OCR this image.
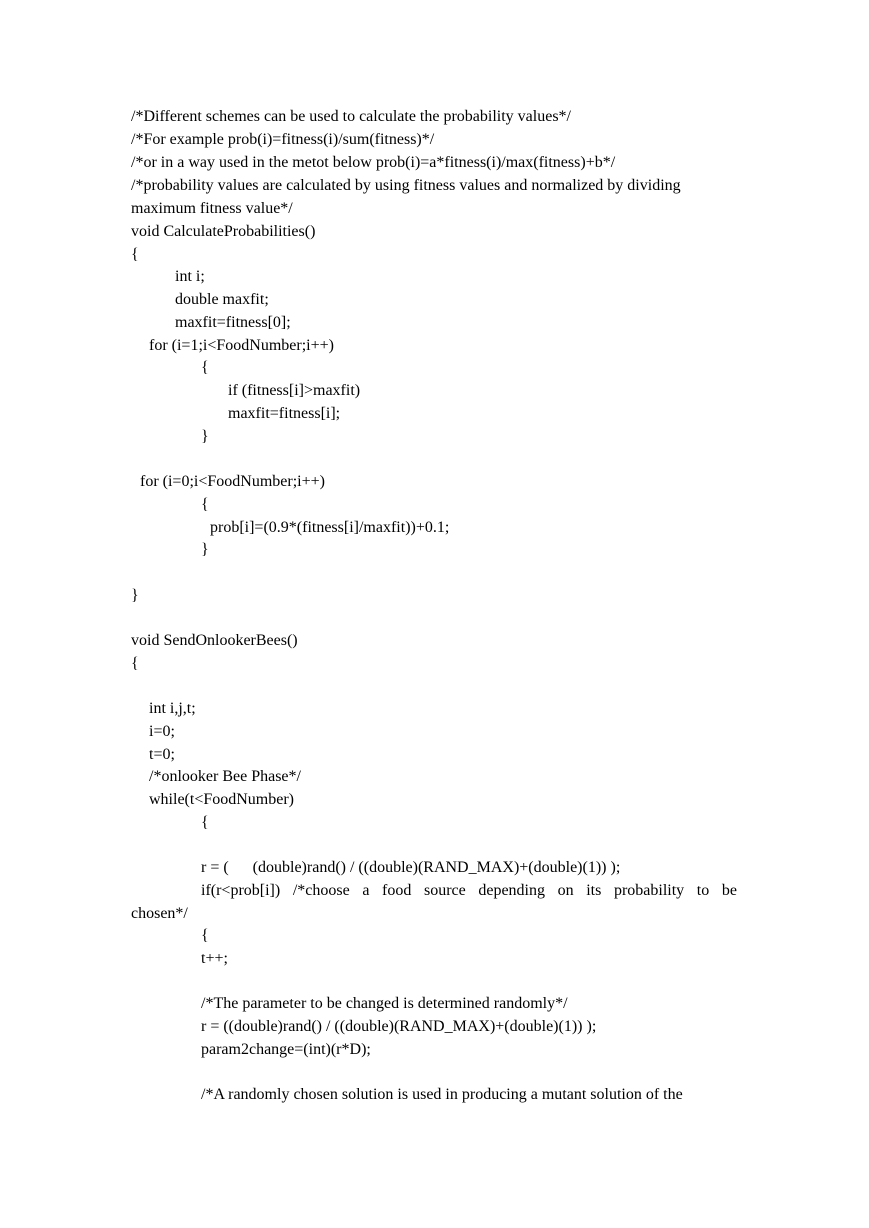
/*Different schemes can be used to calculate the probability values*/
/*For example prob(i)=fitness(i)/sum(fitness)*/
/*or in a way used in the metot below prob(i)=a*fitness(i)/max(fitness)+b*/
/*probability values are calculated by using fitness values and normalized by dividing
maximum fitness value*/
void CalculateProbabilities()
{
int i;
double maxfit;
maxfit=fitness[0];
for (i=1;i<FoodNumber;i++)
{
if (fitness[i]>maxfit)
maxfit=fitness[i];
}
for (i=0;i<FoodNumber;i++)
{
prob[i]=(0.9*(fitness[i]/maxfit))+0.1;
}
}
void SendOnlookerBees()
{
int i,j,t;
i=0;
t=0;
/*onlooker Bee Phase*/
while(t<FoodNumber)
{
r = (      (double)rand() / ((double)(RAND_MAX)+(double)(1)) );
if(r<prob[i]) /*choose a food source depending on its probability to be
chosen*/
{
t++;
/*The parameter to be changed is determined randomly*/
r = ((double)rand() / ((double)(RAND_MAX)+(double)(1)) );
param2change=(int)(r*D);
/*A randomly chosen solution is used in producing a mutant solution of the
